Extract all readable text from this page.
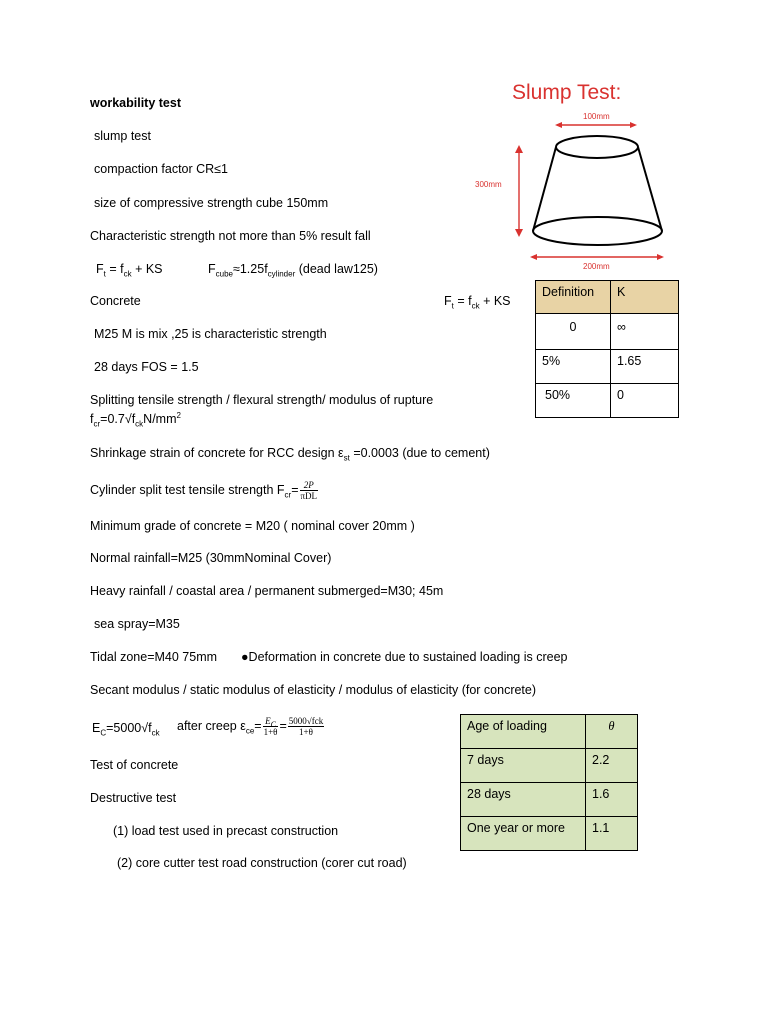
workability test
slump test
compaction factor CR≤1
size of compressive strength cube 150mm
Characteristic strength not more than 5% result fall
$F_t = f_{ck}$ + KS	$F_{cube}\approx 1.25f_{cylinder}$ (dead law125)
Concrete	$F_t = f_{ck}$ + KS
M25 M is mix ,25 is characteristic strength
28 days FOS = 1.5
Splitting tensile strength / flexural strength/ modulus of rupture
$f_{cr}=0.7√f_{ck}N/mm^2$
Shrinkage strain of concrete for RCC design $\varepsilon_{st} =0.0003$ (due to cement)
Cylinder split test tensile strength $F_{cr}= \frac{2P}{\text{πDL}}$
Minimum grade of concrete = M20 ( nominal cover 20mm )
Normal rainfall=M25 (30mmNominal Cover)
Heavy rainfall / coastal area / permanent submerged=M30; 45m
sea spray=M35
Tidal zone=M40 75mm ●Deformation in concrete due to sustained loading is creep
Secant modulus / static modulus of elasticity / modulus of elasticity (for concrete)
$E_C=5000√f_{ck}$
after creep $\varepsilon_{ce}= \frac{E_C}{1+\theta} = \frac{\text{5000√fck}}{1+\theta}$
Test of concrete
Destructive test
(1) load test used in precast construction
(2) core cutter test road construction (corer cut road)
Slump Test:
100mm
300mm
200mm
Definition	K
0	∞
5%	1.65
50%	0
Age of loading	θ
7 days	2.2
28 days	1.6
One year or more	1.1
